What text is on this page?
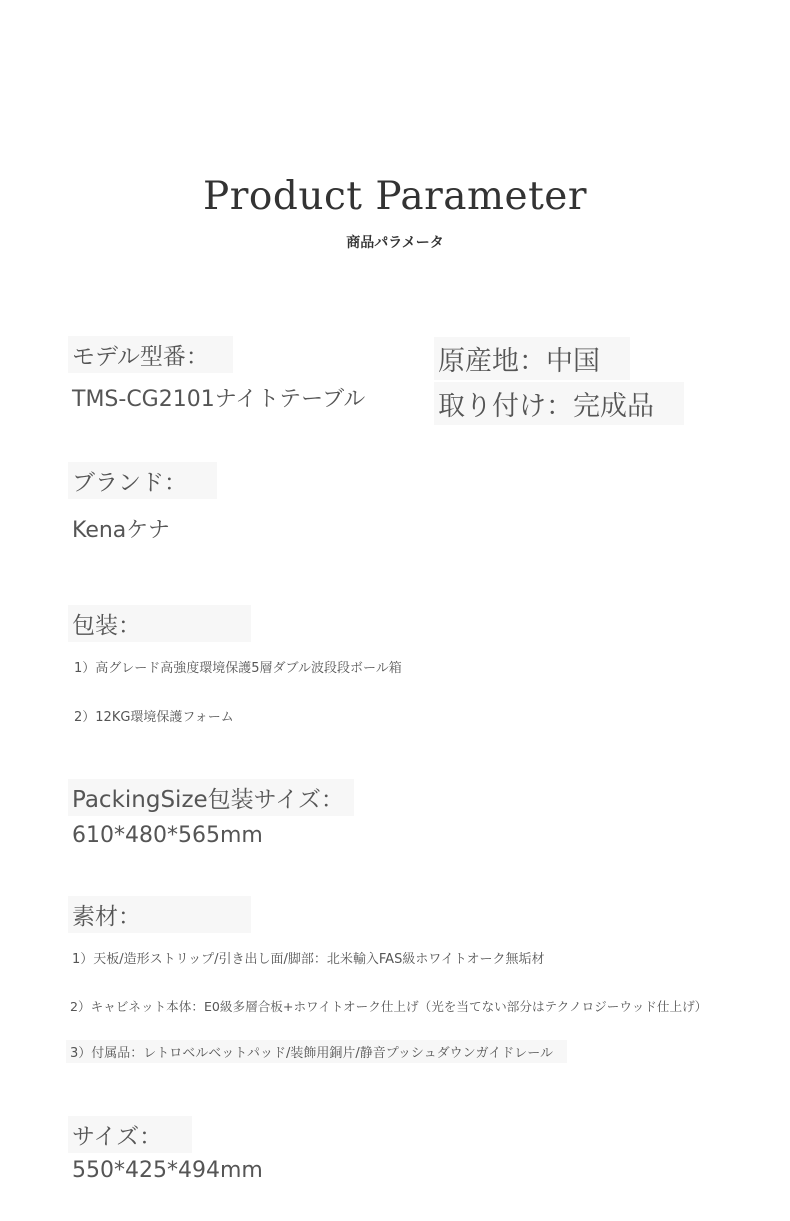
Product Parameter
商品パラメータ
モデル型番：
TMS-CG2101ナイトテーブル
原産地：中国
取り付け：完成品
ブランド：
Kenaケナ
包装：
1）高グレード高強度環境保護5層ダブル波段段ボール箱
2）12KG環境保護フォーム
PackingSize包装サイズ：
610*480*565mm
素材：
1）天板/造形ストリップ/引き出し面/脚部：北米輸入FAS級ホワイトオーク無垢材
2）キャビネット本体：E0級多層合板+ホワイトオーク仕上げ（光を当てない部分はテクノロジーウッド仕上げ）
3）付属品：レトロベルベットパッド/装飾用銅片/静音プッシュダウンガイドレール
サイズ：
550*425*494mm
